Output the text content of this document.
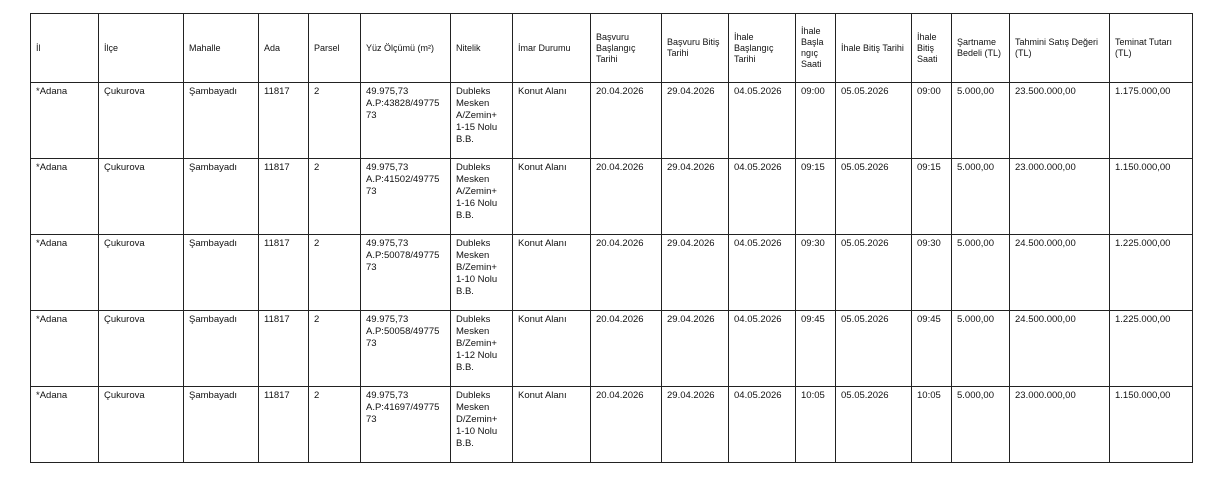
İl	İlçe	Mahalle	Ada	Parsel	Yüz Ölçümü (m²)	Nitelik	İmar Durumu	Başvuru Başlangıç Tarihi	Başvuru Bitiş Tarihi	İhale Başlangıç Tarihi	İhale Başla ngıç Saati	İhale Bitiş Tarihi	İhale Bitiş Saati	Şartname Bedeli (TL)	Tahmini Satış Değeri (TL)	Teminat Tutarı (TL)
*Adana	Çukurova	Şambayadı	11817	2	49.975,73 A.P:43828/49775 73	Dubleks Mesken A/Zemin+ 1-15 Nolu B.B.	Konut Alanı	20.04.2026	29.04.2026	04.05.2026	09:00	05.05.2026	09:00	5.000,00	23.500.000,00	1.175.000,00
*Adana	Çukurova	Şambayadı	11817	2	49.975,73 A.P:41502/49775 73	Dubleks Mesken A/Zemin+ 1-16 Nolu B.B.	Konut Alanı	20.04.2026	29.04.2026	04.05.2026	09:15	05.05.2026	09:15	5.000,00	23.000.000,00	1.150.000,00
*Adana	Çukurova	Şambayadı	11817	2	49.975,73 A.P:50078/49775 73	Dubleks Mesken B/Zemin+ 1-10 Nolu B.B.	Konut Alanı	20.04.2026	29.04.2026	04.05.2026	09:30	05.05.2026	09:30	5.000,00	24.500.000,00	1.225.000,00
*Adana	Çukurova	Şambayadı	11817	2	49.975,73 A.P:50058/49775 73	Dubleks Mesken B/Zemin+ 1-12 Nolu B.B.	Konut Alanı	20.04.2026	29.04.2026	04.05.2026	09:45	05.05.2026	09:45	5.000,00	24.500.000,00	1.225.000,00
*Adana	Çukurova	Şambayadı	11817	2	49.975,73 A.P:41697/49775 73	Dubleks Mesken D/Zemin+ 1-10 Nolu B.B.	Konut Alanı	20.04.2026	29.04.2026	04.05.2026	10:05	05.05.2026	10:05	5.000,00	23.000.000,00	1.150.000,00
